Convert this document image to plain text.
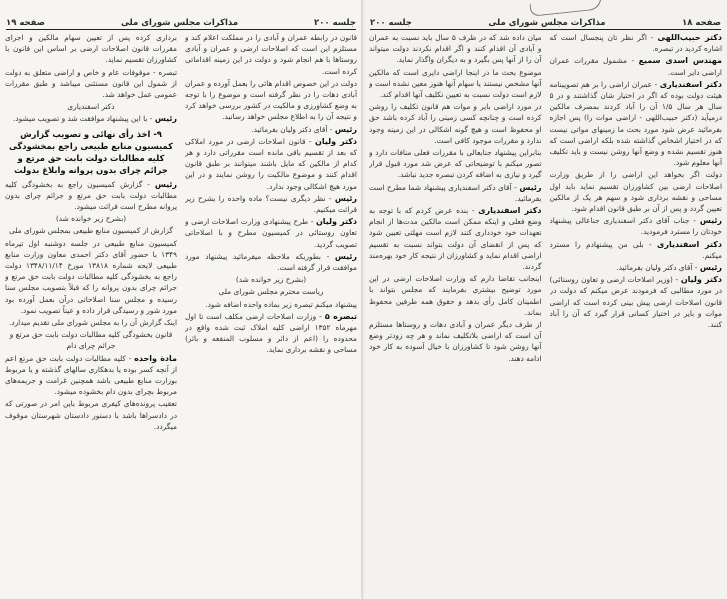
صفحه ۱۹	مذاکرات مجلس شورای ملی	جلسه ۲۰۰

قانون در رابطه عمران و آبادی را در مملکت اعلام کند و مستلزم این است که اصلاحات ارضی و عمران و آبادی روستاها با هم انجام شود و دولت در این زمینه اقداماتی کرده است.

دولت در این خصوص اقدام هائی را بعمل آورده و عمران آبادی دهات را در نظر گرفته است و موضوع را با توجه به وضع کشاورزی و مالکیت در کشور بررسی خواهد کرد و نتیجه آن را به اطلاع مجلس خواهد رسانید.

رئیس - آقای دکتر ولیان بفرمائید.

دکتر ولیان - قانون اصلاحات ارضی در مورد املاکی که بعد از تقسیم باقی مانده است مقرراتی دارد و هر کدام از مالکین که مایل باشند میتوانند بر طبق قانون اقدام کنند و موضوع مالکیت را روشن نمایند و در این مورد هیچ اشکالی وجود ندارد.

رئیس - نظر دیگری نیست؟ ماده واحده را بشرح زیر قرائت میکنیم.

دکتر ولیان - طرح پیشنهادی وزارت اصلاحات ارضی و تعاون روستائی در کمیسیون مطرح و با اصلاحاتی تصویب گردید.

رئیس - بطوریکه ملاحظه میفرمائید پیشنهاد مورد موافقت قرار گرفته است.

(بشرح زیر خوانده شد)

ریاست محترم مجلس شورای ملی

پیشنهاد میکنم تبصره زیر بماده واحده اضافه شود.

تبصره ۵ - وزارت اصلاحات ارضی مکلف است تا اول مهرماه ۱۳۵۲ اراضی کلیه املاک ثبت شده واقع در محدوده را (اعم از دائر و مسلوب المنفعه و بائر) مساحی و نقشه برداری نماید.

برداری کرده پس از تعیین سهام مالکین و اجرای مقررات قانون اصلاحات ارضی بر اساس این قانون با کشاورزان تقسیم نماید.

تبصره - موقوفات عام و خاص و اراضی متعلق به دولت از شمول این قانون مستثنی میباشد و طبق مقررات عمومی عمل خواهد شد.

دکتر اسفندیاری

رئیس - با این پیشنهاد موافقت شد و تصویب میشود.

۹- اخذ رأی نهائی و تصویب گزارش کمیسیون منابع طبیعی راجع بمخشودگی کلیه مطالبات دولت بابت حق مرتع و جرائم چرای بدون پروانه وابلاغ بدولت

رئیس - گزارش کمیسیون راجع به بخشودگی کلیه مطالبات دولت بابت حق مرتع و جرائم چرای بدون پروانه مطرح است قرائت میشود.

(بشرح زیر خوانده شد)

گزارش از کمیسیون منابع طبیعی بمجلس شورای ملی

کمیسیون منابع طبیعی در جلسه دوشنبه اول تیرماه ۱۳۴۹ با حضور آقای دکتر احمدی معاون وزارت منابع طبیعی لایحه شماره ۱۳۸۱۸ مورخ ۱۳۴۸/۱۱/۱۴ دولت راجع به بخشودگی کلیه مطالبات دولت بابت حق مرتع و جرائم چرای بدون پروانه را که قبلاً بتصویب مجلس سنا رسیده و مجلس سنا اصلاحاتی درآن بعمل آورده بود مورد شور و رسیدگی قرار داده و عیناً تصویب نمود.

اینک گزارش آن را به مجلس شورای ملی تقدیم میدارد.

قانون بخشودگی کلیه مطالبات دولت بابت حق مرتع و جرائم چرای دام

مادة واحده - کلیه مطالبات دولت بابت حق مرتع اعم از آنچه کسر بوده یا بدهکاری سالهای گذشته و یا مربوط بوزارت منابع طبیعی باشد همچنین غرامت و جریمه‌های مربوط بچرای بدون دام بخشوده میشود.

تعقیب پرونده‌های کیفری مربوط باین امر در صورتی که در دادسراها باشد با دستور دادستان شهرستان موقوف میگردد.

جلسه ۲۰۰	مذاکرات مجلس شورای ملی	صفحه ۱۸

دکتر حبیب‌اللهی - اگر نظر تان پنجسال است که اشاره کردید در تبصره.

مهندس اسدی سمیع - مشمول مقررات عمران اراضی دایر است.

دکتر اسفندیاری - عمران اراضی را بر هم تصویبنامه هیئت دولت بوده که اگر در اختیار شان گذاشتند و در ۵ سال هر سال ۱/۵ آن را آباد کردند بمصرف مالکین درمیآید (دکتر حبیب‌اللهی - اراضی موات را) پس اجازه بفرمائید عرض شود مورد بحث ما زمینهای مواتی نیست که در اختیار اشخاص گذاشته شده بلکه اراضی است که هنوز تقسیم نشده و وضع آنها روشن نیست و باید تکلیف آنها معلوم شود.

دولت اگر بخواهد این اراضی را از طریق وزارت اصلاحات ارضی بین کشاورزان تقسیم نماید باید اول مساحی و نقشه برداری شود و سهم هر یک از مالکین تعیین گردد و پس از آن بر طبق قانون اقدام شود.

رئیس - جناب آقای دکتر اسفندیاری جناعالی پیشنهاد خودتان را مسترد فرمودید.

دکتر اسفندیاری - بلی من پیشنهادم را مسترد میکنم.

رئیس - آقای دکتر ولیان بفرمائید.

دکتر ولیان - (وزیر اصلاحات ارضی و تعاون روستائی) در مورد مطالبی که فرمودند عرض میکنم که دولت در قانون اصلاحات ارضی پیش بینی کرده است که اراضی موات و بایر در اختیار کسانی قرار گیرد که آن را آباد کنند.

میان داده شد که در ظرف ۵ سال باید نسبت به عمران و آبادی آن اقدام کنند و اگر اقدام نکردند دولت میتواند آن را از آنها پس بگیرد و به دیگران واگذار نماید.

موضوع بحث ما در اینجا اراضی دایری است که مالکین آنها مشخص نیستند یا سهام آنها هنوز معین نشده است و لازم است دولت نسبت به تعیین تکلیف آنها اقدام کند.

در مورد اراضی بایر و موات هم قانون تکلیف را روشن کرده است و چنانچه کسی زمینی را آباد کرده باشد حق او محفوظ است و هیچ گونه اشکالی در این زمینه وجود ندارد و مقررات موجود کافی است.

بنابراین پیشنهاد جنابعالی با مقررات فعلی منافات دارد و تصور میکنم با توضیحاتی که عرض شد مورد قبول قرار گیرد و نیازی به اضافه کردن تبصره جدید نباشد.

رئیس - آقای دکتر اسفندیاری پیشنهاد شما مطرح است بفرمائید.

دکتر اسفندیاری - بنده عرض کردم که با توجه به وضع فعلی و اینکه ممکن است مالکین مدت‌ها از انجام تعهدات خود خودداری کنند لازم است مهلتی تعیین شود که پس از انقضای آن دولت بتواند نسبت به تقسیم اراضی اقدام نماید و کشاورزان از نتیجه کار خود بهره‌مند گردند.

اینجانب تقاضا دارم که وزارت اصلاحات ارضی در این مورد توضیح بیشتری بفرمایند که مجلس بتواند با اطمینان کامل رأی بدهد و حقوق همه طرفین محفوظ بماند.

از طرف دیگر عمران و آبادی دهات و روستاها مستلزم آن است که اراضی بلاتکلیف نماند و هر چه زودتر وضع آنها روشن شود تا کشاورزان با خیال آسوده به کار خود ادامه دهند.
